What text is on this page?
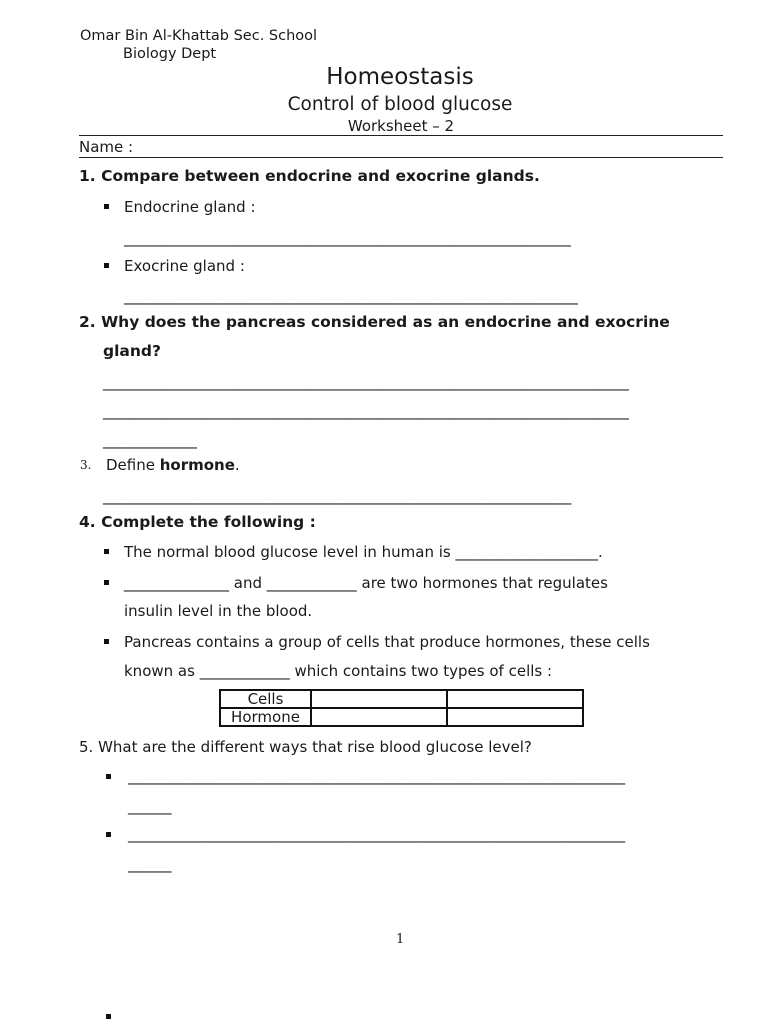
Omar Bin Al-Khattab Sec. School
Biology Dept
Homeostasis
Control of blood glucose
Worksheet – 2
Name :
1. Compare between endocrine and exocrine glands.
Endocrine gland :
______________________________________________________________
Exocrine gland :
_______________________________________________________________
2. Why does the pancreas considered as an endocrine and exocrine
gland?
_________________________________________________________________________
_________________________________________________________________________
_____________
3. Define hormone.
_________________________________________________________________
4. Complete the following :
The normal blood glucose level in human is ___________________.
______________ and ____________ are two hormones that regulates
insulin level in the blood.
Pancreas contains a group of cells that produce hormones, these cells
known as ____________ which contains two types of cells :
Cells		
Hormone		
5. What are the different ways that rise blood glucose level?
_____________________________________________________________________
______
_____________________________________________________________________
______
1
